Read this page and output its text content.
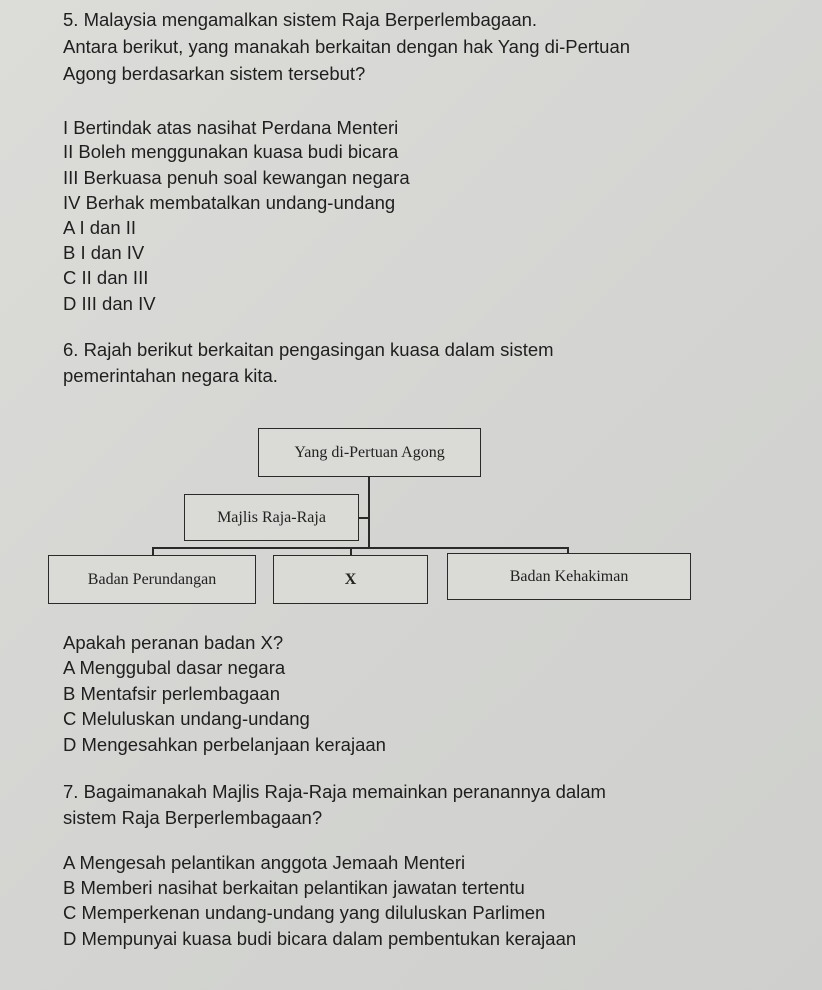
5. Malaysia mengamalkan sistem Raja Berperlembagaan.
Antara berikut, yang manakah berkaitan dengan hak Yang di-Pertuan
Agong berdasarkan sistem tersebut?
I Bertindak atas nasihat Perdana Menteri
II Boleh menggunakan kuasa budi bicara
III Berkuasa penuh soal kewangan negara
IV Berhak membatalkan undang-undang
A I dan II
B I dan IV
C II dan III
D III dan IV
6. Rajah berikut berkaitan pengasingan kuasa dalam sistem
pemerintahan negara kita.
Yang di-Pertuan Agong
Majlis Raja-Raja
Badan Perundangan	X	Badan Kehakiman
Apakah peranan badan X?
A Menggubal dasar negara
B Mentafsir perlembagaan
C Meluluskan undang-undang
D Mengesahkan perbelanjaan kerajaan
7. Bagaimanakah Majlis Raja-Raja memainkan peranannya dalam
sistem Raja Berperlembagaan?
A Mengesah pelantikan anggota Jemaah Menteri
B Memberi nasihat berkaitan pelantikan jawatan tertentu
C Memperkenan undang-undang yang diluluskan Parlimen
D Mempunyai kuasa budi bicara dalam pembentukan kerajaan
